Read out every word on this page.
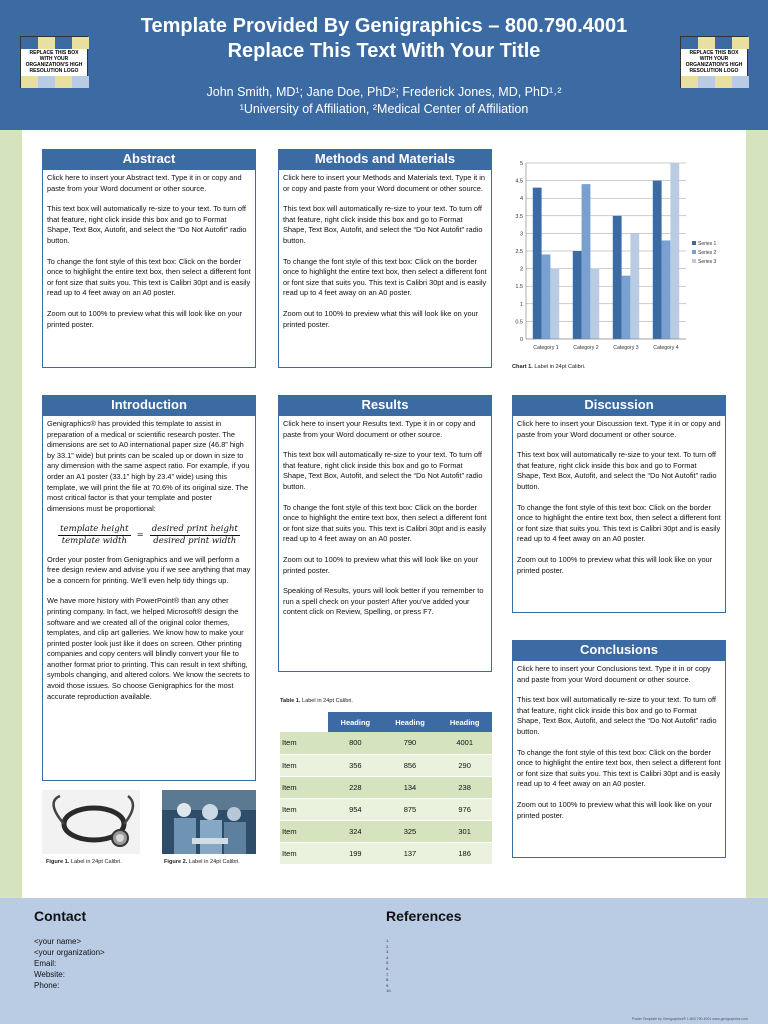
REPLACE THIS BOX WITH YOUR ORGANIZATION'S HIGH RESOLUTION LOGO
Template Provided By Genigraphics – 800.790.4001
Replace This Text With Your Title
John Smith, MD¹; Jane Doe, PhD²; Frederick Jones, MD, PhD¹˒²
¹University of Affiliation, ²Medical Center of Affiliation
REPLACE THIS BOX WITH YOUR ORGANIZATION'S HIGH RESOLUTION LOGO
Abstract

Click here to insert your Abstract text. Type it in or copy and paste from your Word document or other source.

This text box will automatically re-size to your text. To turn off that feature, right click inside this box and go to Format Shape, Text Box, Autofit, and select the “Do Not Autofit” radio button.

To change the font style of this text box: Click on the border once to highlight the entire text box, then select a different font or font size that suits you. This text is Calibri 30pt and is easily read up to 4 feet away on an A0 poster.

Zoom out to 100% to preview what this will look like on your printed poster.

Methods and Materials

Click here to insert your Methods and Materials text. Type it in or copy and paste from your Word document or other source.

This text box will automatically re-size to your text. To turn off that feature, right click inside this box and go to Format Shape, Text Box, Autofit, and select the “Do Not Autofit” radio button.

To change the font style of this text box: Click on the border once to highlight the entire text box, then select a different font or font size that suits you. This text is Calibri 30pt and is easily read up to 4 feet away on an A0 poster.

Zoom out to 100% to preview what this will look like on your printed poster.

0
0.5
1
1.5
2
2.5
3
3.5
4
4.5
5
Category 1	Category 2	Category 3	Category 4
Series 1
Series 2
Series 3
Chart 1. Label in 24pt Calibri.
Introduction

Genigraphics® has provided this template to assist in preparation of a medical or scientific research poster. The dimensions are set to A0 international paper size (46.8” high by 33.1” wide) but prints can be scaled up or down in size to any dimension with the same aspect ratio. For example, if you order an A1 poster (33.1” high by 23.4” wide) using this template, we will print the file at 70.6% of its original size. The most critical factor is that your template and poster dimensions must be proportional:

template height
template width
=
desired print height
desired print width

Order your poster from Genigraphics and we will perform a free design review and advise you if we see anything that may be a concern for printing. We’ll even help tidy things up.

We have more history with PowerPoint® than any other printing company. In fact, we helped Microsoft® design the software and we created all of the original color themes, templates, and clip art galleries. We know how to make your printed poster look just like it does on screen. Other printing companies and copy centers will blindly convert your file to another format prior to printing. This can result in text shifting, symbols changing, and altered colors. We know the secrets to avoid those issues. So choose Genigraphics for the most accurate reproduction available.

Figure 1. Label in 24pt Calibri.	Figure 2. Label in 24pt Calibri.
Results

Click here to insert your Results text. Type it in or copy and paste from your Word document or other source.

This text box will automatically re-size to your text. To turn off that feature, right click inside this box and go to Format Shape, Text Box, Autofit, and select the “Do Not Autofit” radio button.

To change the font style of this text box: Click on the border once to highlight the entire text box, then select a different font or font size that suits you. This text is Calibri 30pt and is easily read up to 4 feet away on an A0 poster.

Zoom out to 100% to preview what this will look like on your printed poster.

Speaking of Results, yours will look better if you remember to run a spell check on your poster! After you’ve added your content click on Review, Spelling, or press F7.

Table 1. Label in 24pt Calibri.
	Heading	Heading	Heading
Item	800	790	4001
Item	356	856	290
Item	228	134	238
Item	954	875	976
Item	324	325	301
Item	199	137	186
Discussion

Click here to insert your Discussion text. Type it in or copy and paste from your Word document or other source.

This text box will automatically re-size to your text. To turn off that feature, right click inside this box and go to Format Shape, Text Box, Autofit, and select the “Do Not Autofit” radio button.

To change the font style of this text box: Click on the border once to highlight the entire text box, then select a different font or font size that suits you. This text is Calibri 30pt and is easily read up to 4 feet away on an A0 poster.

Zoom out to 100% to preview what this will look like on your printed poster.

Conclusions

Click here to insert your Conclusions text. Type it in or copy and paste from your Word document or other source.

This text box will automatically re-size to your text. To turn off that feature, right click inside this box and go to Format Shape, Text Box, Autofit, and select the “Do Not Autofit” radio button.

To change the font style of this text box: Click on the border once to highlight the entire text box, then select a different font or font size that suits you. This text is Calibri 30pt and is easily read up to 4 feet away on an A0 poster.

Zoom out to 100% to preview what this will look like on your printed poster.

Contact
<your name>
<your organization>
Email:
Website:
Phone:
References
1.
2.
3.
4.
5.
6.
7.
8.
9.
10.
Poster Template by Genigraphics® 1.800.790.4001 www.genigraphics.com
